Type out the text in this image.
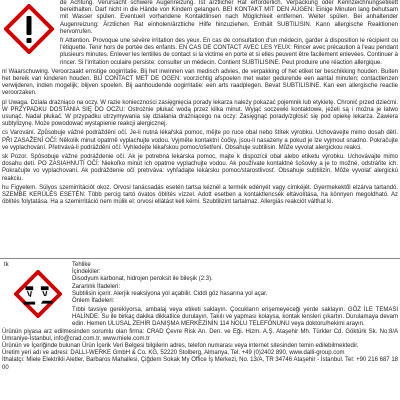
de Achtung. Verursacht schwere Augenreizung. Ist ärztlicher Rat erforderlich, Verpackung oder Kennzeichnungsetikett bereithalten. Darf nicht in die Hände von Kindern gelangen. BEI KONTAKT MIT DEN AUGEN: Einige Minuten lang behutsam mit Wasser spülen. Eventuell vorhandene Kontaktlinsen nach Möglichkeit entfernen. Weiter spülen. Bei anhaltender Augenreizung: Ärztlichen Rat einholen/ärztliche Hilfe hinzuziehen. Enthält SUBTILISIN. Kann allergische Reaktionen hervorrufen.

fr Attention. Provoque une sévère irritation des yeux. En cas de consultation d'un médecin, garder à disposition le récipient ou l'étiquette. Tenir hors de portée des enfants. EN CAS DE CONTACT AVEC LES YEUX: Rincer avec précaution à l'eau pendant plusieurs minutes. Enlever les lentilles de contact si la victime en porte et si elles peuvent être facilement enlevées. Continuer à rincer. Si l'irritation oculaire persiste: consulter un médecin. Contient SUBTILISINE. Peut produire une réaction allergique.

nl Waarschuwing. Veroorzaakt ernstige oogirritatie. Bij het inwinnen van medisch advies, de verpakking of het etiket ter beschikking houden. Buiten het bereik van kinderen houden. BIJ CONTACT MET DE OGEN: voorzichtig afspoelen met water gedurende een aantal minuten; contactlenzen verwijderen, indien mogelijk; blijven spoelen. Bij aanhoudende oogirritatie: een arts raadplegen. Bevat SUBTILISINE. Kan een allergische reactie veroorzaken.

pl Uwaga. Działa drażniąco na oczy. W razie konieczności zasięgnięcia porady lekarza należy pokazać pojemnik lub etykietę. Chronić przed dziećmi. W PRZYPADKU DOSTANIA SIĘ DO OCZU: Ostrożnie płukać wodą przez kilka minut. Wyjąć soczewki kontaktowe, jeżeli są i można je łatwo usunąć. Nadal płukać. W przypadku utrzymywania się działania drażniącego na oczy: Zasięgnąć porady/zgłosić się pod opiekę lekarza. Zawiera subtylizynę. Może powodować wystąpienie reakcji alergicznej.

cs Varování. Způsobuje vážné podráždění očí. Je-li nutná lékařská pomoc, mějte po ruce obal nebo štítek výrobku. Uchovávejte mimo dosah dětí. PŘI ZASAŽENÍ OČÍ: Několik minut opatrně vyplachujte vodou. Vyjměte kontaktní čočky, jsou-li nasazeny a pokud je lze vyjmout snadno. Pokračujte ve vyplachování. Přetrvává-li podráždění očí: Vyhledejte lékařskou pomoc/ošetření. Obsahuje subtilisin. Může vyvolat alergickou reakci.

sk Pozor. Spôsobuje vážne podráždenie očí. Ak je potrebná lekárska pomoc, majte k dispozícii obal alebo etiketu výrobku. Uchovávajte mimo dosahu detí. PO ZASIAHNUTÍ OČÍ: Niekoľko minút ich opatrne vyplachujte vodou. Ak používate kontaktné šošovky a je to možné, odstráňte ich. Pokračujte vo vyplachovaní. Ak podráždenie očí pretrváva: vyhľadajte lekársku pomoc/starostlivosť. Obsahuje subtilizín. Môže vyvolať alergickú reakciu.

hu Figyelem. Súlyos szemirritációt okoz. Orvosi tanácsadás esetén tartsa kéznél a termék edényét vagy címkéjét. Gyermekektől elzárva tartandó. SZEMBE KERÜLÉS ESETÉN: Több percig tartó óvatos öblítés vízzel. Adott esetben a kontaktlencsék eltávolítása, ha könnyen megoldható. Az öblítés folytatása. Ha a szemirritáció nem múlik el: orvosi ellátást kell kérni. Szubtilizint tartalmaz. Allergiás reakciót válthat ki.

tk	Tehlike

İçindekiler:

Disodyum karbonat, hidrojen peroksit ile bileşik (2:3).

Zararlılık İfadeleri:

Subtilisin içerir. Alerjik reaksiyona yol açabilir. Ciddi göz hasarına yol açar.

Önlem İfadeleri:

Tıbbi tavsiye gerekiyorsa, ambalaj veya etiketi saklayın. Çocukların erişemeyeceği yerde saklayın. GÖZ İLE TEMASI HALİNDE: Su ile birkaç dakika dikkatlice durulayın. Takılı ve yapması kolaysa, kontak lensleri çıkartın. Durulamaya devam edin. Hemen ULUSAL ZEHİR DANIŞMA MERKEZİNİN 114 NOLU TELEFONUNU veya doktoru/hekimi arayın.

Ürünün piyasa arz edilmesinden sorumlu olan firma: CRAD Çevre Risk An. Den. ve Eği. Hizm. A.Ş. Ataşehir Mh. Türkler Cd. Göktürk Sk. No:8/A Ümraniye-İstanbul, info@crad.com.tr, www.miele.com.tr

Ürünün ve İçeriğinde bulunan Ürün İçerik Veri Belgesi bilgilerin adres, telefon numarası veya internet sitesinden temin edilebilmektedir.

Üretim yeri adı ve adresi: DALLI-WERKE GmbH & Co. KG, 52220 Stolberg, Almanya, Tel. +49 (0)2402 890, www.dalli-group.com

İthalatçı: Miele Elektrikli Aletler, Barbaros Mahallesi, Çiğdem Sokak My Office İş Merkezi, No. 13/A, TR 34746 Ataşehir - İstanbul. Tel: +90 216 687 18 00
